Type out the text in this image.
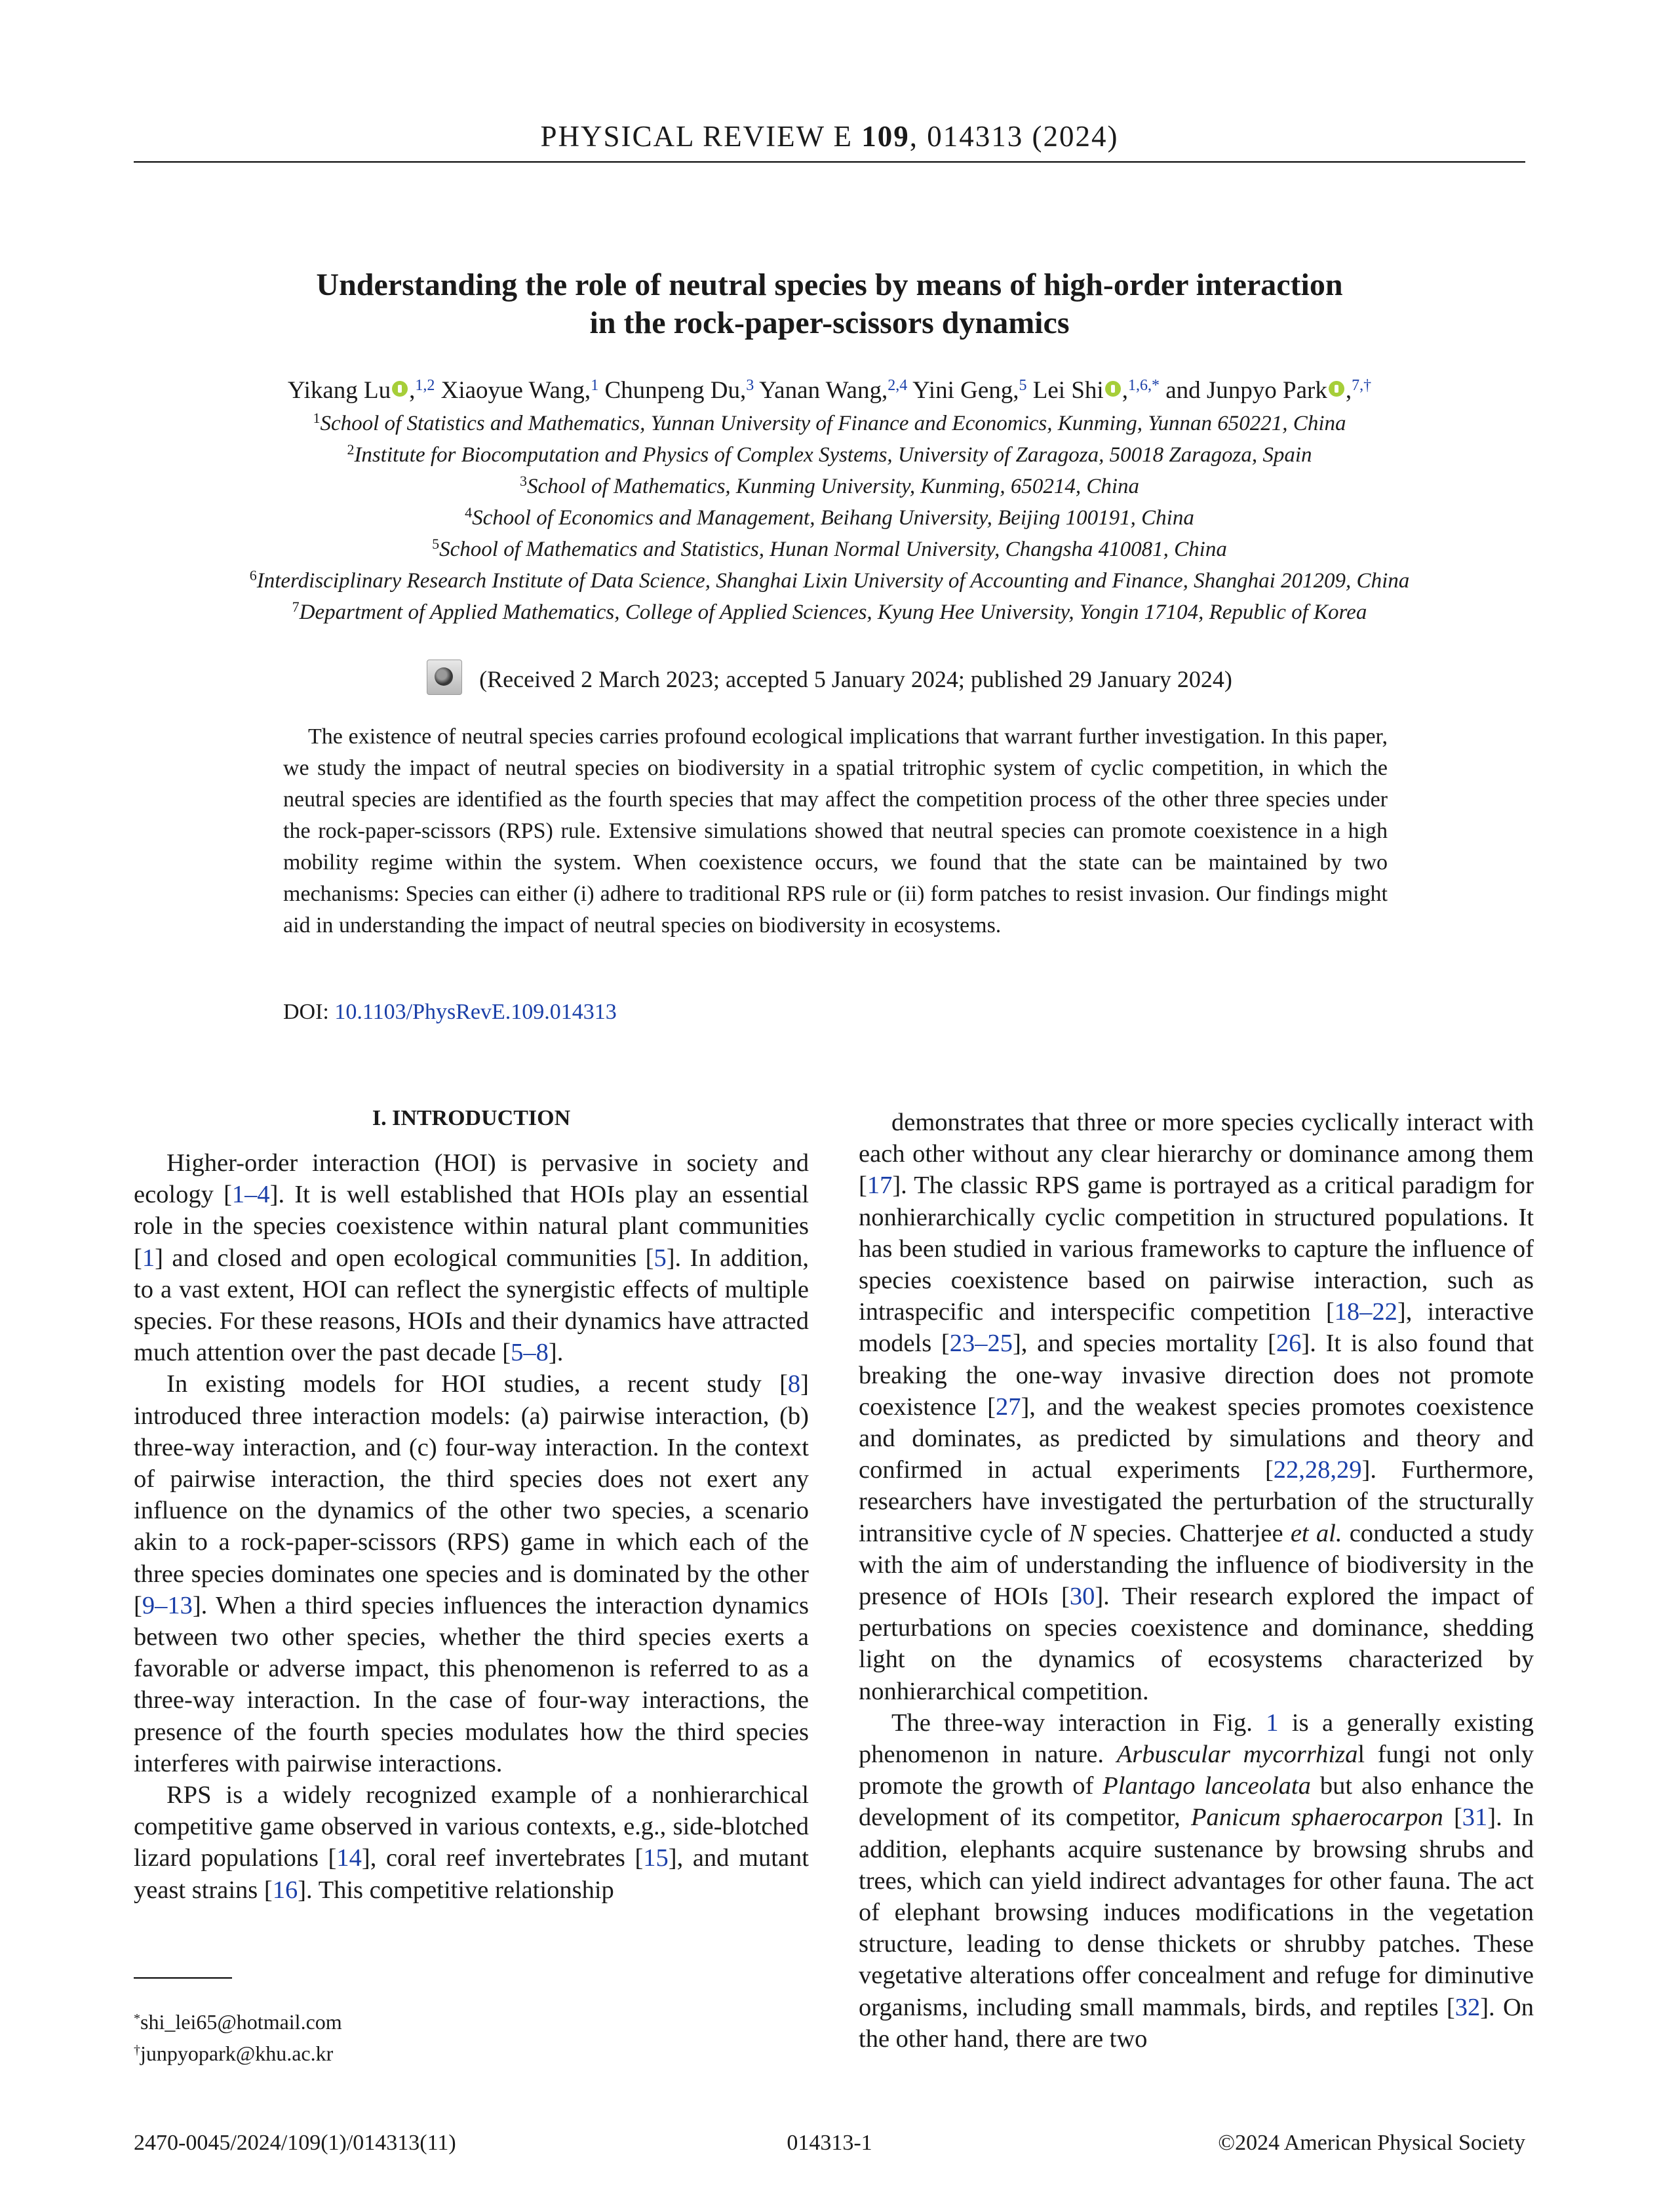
PHYSICAL REVIEW E 109, 014313 (2024)
Understanding the role of neutral species by means of high-order interaction
in the rock-paper-scissors dynamics
Yikang Lu ,$^{1,2}$ Xiaoyue Wang,$^1$ Chunpeng Du,$^3$ Yanan Wang,$^{2,4}$ Yini Geng,$^5$ Lei Shi ,$^{1,6,*}$ and Junpyo Park ,$^{7,\dagger}$
$^1$School of Statistics and Mathematics, Yunnan University of Finance and Economics, Kunming, Yunnan 650221, China
$^2$Institute for Biocomputation and Physics of Complex Systems, University of Zaragoza, 50018 Zaragoza, Spain
$^3$School of Mathematics, Kunming University, Kunming, 650214, China
$^4$School of Economics and Management, Beihang University, Beijing 100191, China
$^5$School of Mathematics and Statistics, Hunan Normal University, Changsha 410081, China
$^6$Interdisciplinary Research Institute of Data Science, Shanghai Lixin University of Accounting and Finance, Shanghai 201209, China
$^7$Department of Applied Mathematics, College of Applied Sciences, Kyung Hee University, Yongin 17104, Republic of Korea
(Received 2 March 2023; accepted 5 January 2024; published 29 January 2024)
The existence of neutral species carries profound ecological implications that warrant further investigation. In this paper, we study the impact of neutral species on biodiversity in a spatial tritrophic system of cyclic competition, in which the neutral species are identified as the fourth species that may affect the competition process of the other three species under the rock-paper-scissors (RPS) rule. Extensive simulations showed that neutral species can promote coexistence in a high mobility regime within the system. When coexistence occurs, we found that the state can be maintained by two mechanisms: Species can either (i) adhere to traditional RPS rule or (ii) form patches to resist invasion. Our findings might aid in understanding the impact of neutral species on biodiversity in ecosystems.
DOI: 10.1103/PhysRevE.109.014313
I. INTRODUCTION

Higher-order interaction (HOI) is pervasive in society and ecology [1–4]. It is well established that HOIs play an essential role in the species coexistence within natural plant communities [1] and closed and open ecological communities [5]. In addition, to a vast extent, HOI can reflect the synergistic effects of multiple species. For these reasons, HOIs and their dynamics have attracted much attention over the past decade [5–8].

In existing models for HOI studies, a recent study [8] introduced three interaction models: (a) pairwise interaction, (b) three-way interaction, and (c) four-way interaction. In the context of pairwise interaction, the third species does not exert any influence on the dynamics of the other two species, a scenario akin to a rock-paper-scissors (RPS) game in which each of the three species dominates one species and is dominated by the other [9–13]. When a third species influences the interaction dynamics between two other species, whether the third species exerts a favorable or adverse impact, this phenomenon is referred to as a three-way interaction. In the case of four-way interactions, the presence of the fourth species modulates how the third species interferes with pairwise interactions.

RPS is a widely recognized example of a nonhierarchical competitive game observed in various contexts, e.g., side-blotched lizard populations [14], coral reef invertebrates [15], and mutant yeast strains [16]. This competitive relationship

demonstrates that three or more species cyclically interact with each other without any clear hierarchy or dominance among them [17]. The classic RPS game is portrayed as a critical paradigm for nonhierarchically cyclic competition in structured populations. It has been studied in various frameworks to capture the influence of species coexistence based on pairwise interaction, such as intraspecific and interspecific competition [18–22], interactive models [23–25], and species mortality [26]. It is also found that breaking the one-way invasive direction does not promote coexistence [27], and the weakest species promotes coexistence and dominates, as predicted by simulations and theory and confirmed in actual experiments [22,28,29]. Furthermore, researchers have investigated the perturbation of the structurally intransitive cycle of N species. Chatterjee et al. conducted a study with the aim of understanding the influence of biodiversity in the presence of HOIs [30]. Their research explored the impact of perturbations on species coexistence and dominance, shedding light on the dynamics of ecosystems characterized by nonhierarchical competition.

The three-way interaction in Fig. 1 is a generally existing phenomenon in nature. Arbuscular mycorrhizal fungi not only promote the growth of Plantago lanceolata but also enhance the development of its competitor, Panicum sphaerocarpon [31]. In addition, elephants acquire sustenance by browsing shrubs and trees, which can yield indirect advantages for other fauna. The act of elephant browsing induces modifications in the vegetation structure, leading to dense thickets or shrubby patches. These vegetative alterations offer concealment and refuge for diminutive organisms, including small mammals, birds, and reptiles [32]. On the other hand, there are two

*shi_lei65@hotmail.com
†junpyopark@khu.ac.kr
2470-0045/2024/109(1)/014313(11)	014313-1	©2024 American Physical Society
